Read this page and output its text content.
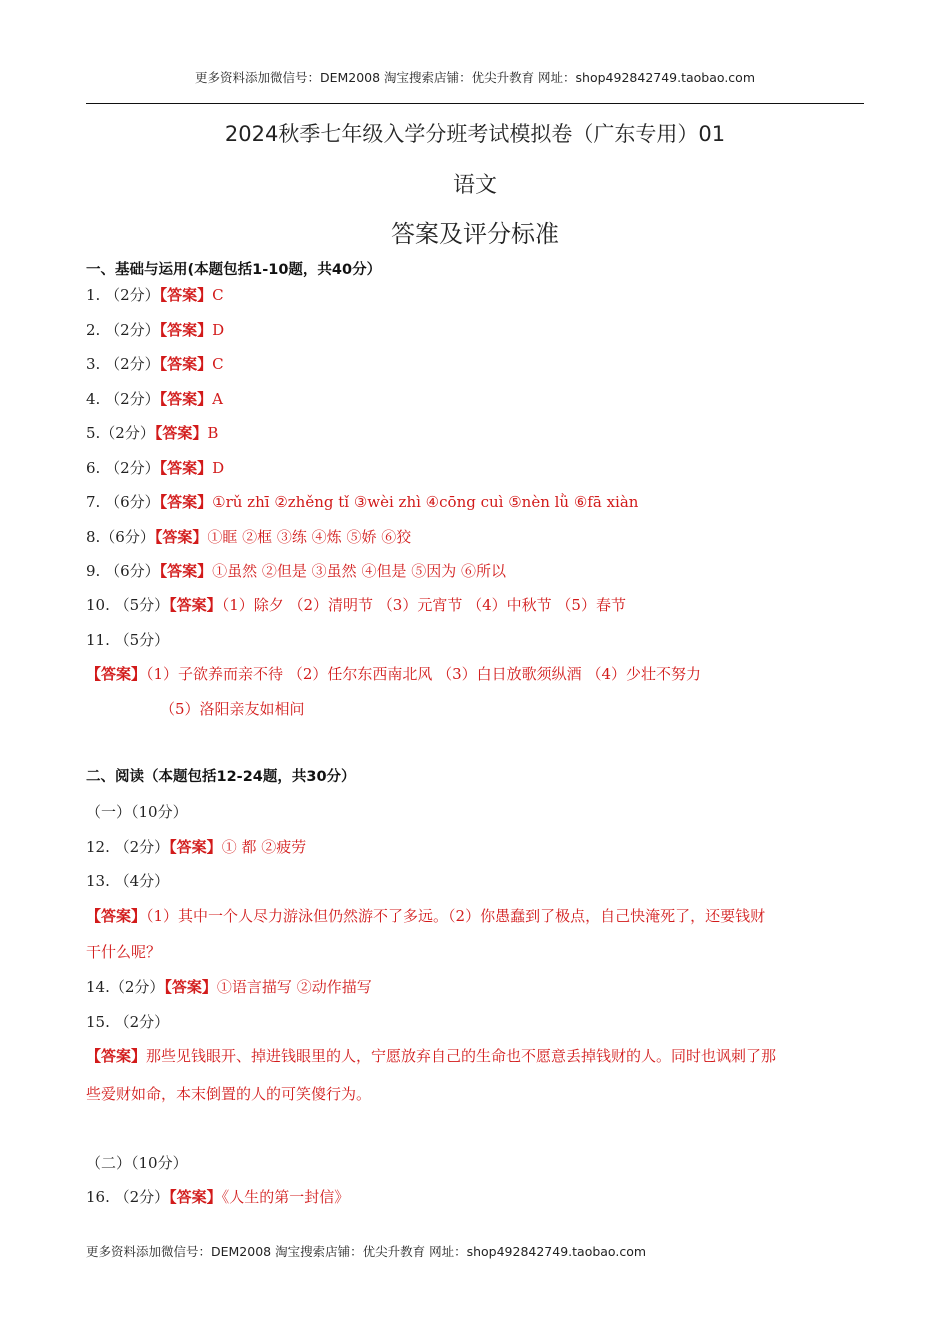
更多资料添加微信号：DEM2008 淘宝搜索店铺：优尖升教育 网址：shop492842749.taobao.com
2024秋季七年级入学分班考试模拟卷（广东专用）01
语文
答案及评分标准
一、基础与运用(本题包括1-10题，共40分）
1. （2分）【答案】C
2. （2分）【答案】D
3. （2分）【答案】C
4. （2分）【答案】A
5.（2分）【答案】B
6. （2分）【答案】D
7. （6分）【答案】①rǔ zhī ②zhěng tǐ ③wèi zhì ④cōng cuì ⑤nèn lǜ ⑥fā xiàn
8.（6分）【答案】①眶 ②框 ③练 ④炼 ⑤娇 ⑥狡
9. （6分）【答案】①虽然 ②但是 ③虽然 ④但是 ⑤因为 ⑥所以
10. （5分）【答案】（1）除夕 （2）清明节 （3）元宵节 （4）中秋节 （5）春节
11. （5分）
【答案】（1）子欲养而亲不待 （2）任尔东西南北风 （3）白日放歌须纵酒 （4）少壮不努力
（5）洛阳亲友如相问
二、阅读（本题包括12-24题，共30分）
（一）（10分）
12. （2分）【答案】① 都 ②疲劳
13. （4分）
【答案】（1）其中一个人尽力游泳但仍然游不了多远。（2）你愚蠢到了极点，自己快淹死了，还要钱财
干什么呢？
14.（2分）【答案】①语言描写 ②动作描写
15. （2分）
【答案】那些见钱眼开、掉进钱眼里的人，宁愿放弃自己的生命也不愿意丢掉钱财的人。同时也讽刺了那
些爱财如命，本末倒置的人的可笑傻行为。
（二）（10分）
16. （2分）【答案】《人生的第一封信》
更多资料添加微信号：DEM2008 淘宝搜索店铺：优尖升教育 网址：shop492842749.taobao.com
